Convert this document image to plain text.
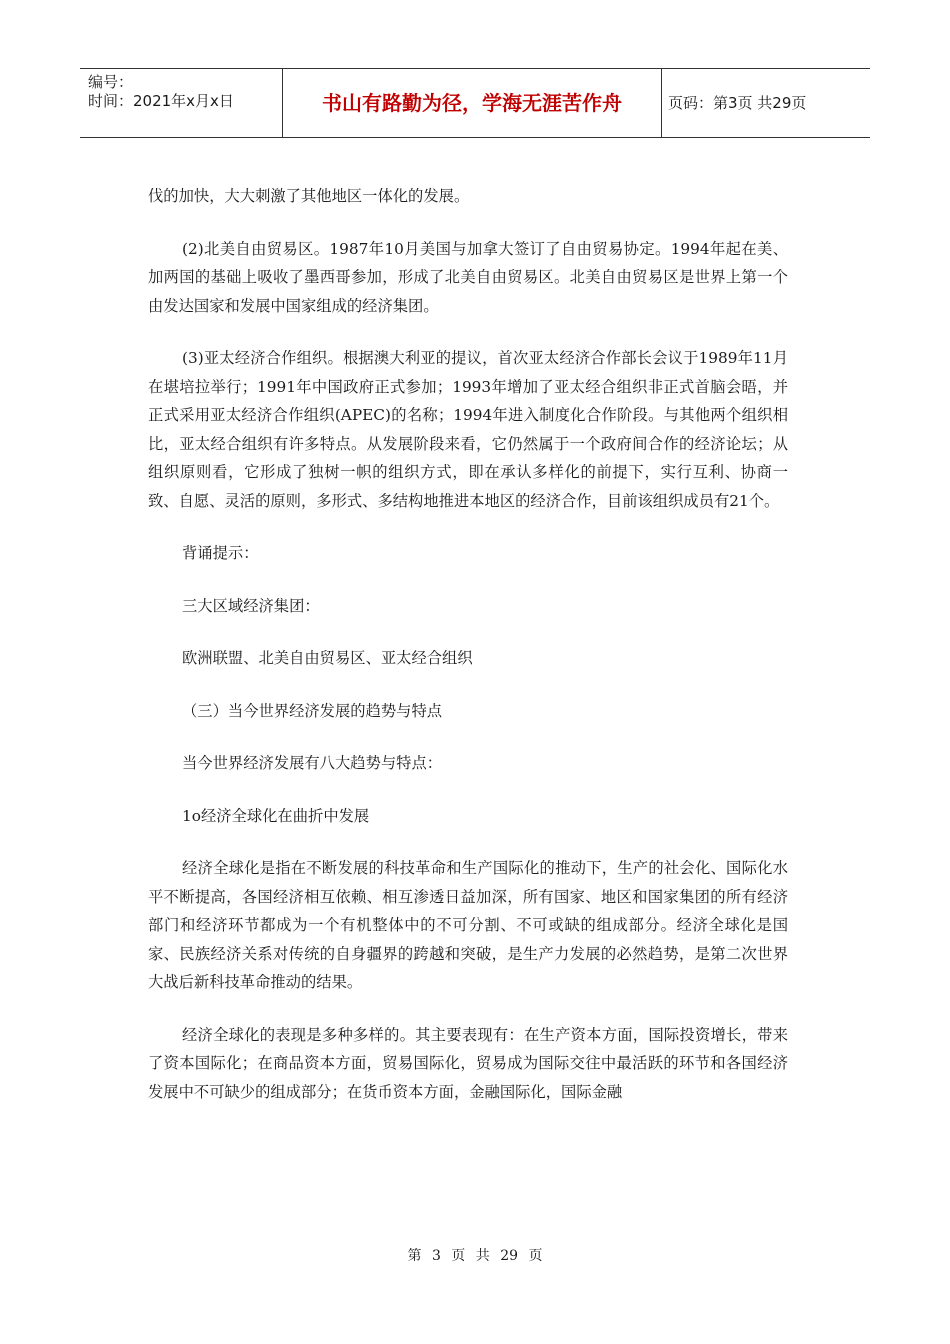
编号：
时间：2021年x月x日	书山有路勤为径，学海无涯苦作舟	页码：第3页 共29页

伐的加快，大大刺激了其他地区一体化的发展。

(2)北美自由贸易区。1987年10月美国与加拿大签订了自由贸易协定。1994年起在美、加两国的基础上吸收了墨西哥参加，形成了北美自由贸易区。北美自由贸易区是世界上第一个由发达国家和发展中国家组成的经济集团。

(3)亚太经济合作组织。根据澳大利亚的提议，首次亚太经济合作部长会议于1989年11月在堪培拉举行；1991年中国政府正式参加；1993年增加了亚太经合组织非正式首脑会晤，并正式采用亚太经济合作组织(APEC)的名称；1994年进入制度化合作阶段。与其他两个组织相比，亚太经合组织有许多特点。从发展阶段来看，它仍然属于一个政府间合作的经济论坛；从组织原则看，它形成了独树一帜的组织方式，即在承认多样化的前提下，实行互利、协商一致、自愿、灵活的原则，多形式、多结构地推进本地区的经济合作，目前该组织成员有21个。

背诵提示：

三大区域经济集团：

欧洲联盟、北美自由贸易区、亚太经合组织

（三）当今世界经济发展的趋势与特点

当今世界经济发展有八大趋势与特点：

1o经济全球化在曲折中发展

经济全球化是指在不断发展的科技革命和生产国际化的推动下，生产的社会化、国际化水平不断提高，各国经济相互依赖、相互渗透日益加深，所有国家、地区和国家集团的所有经济部门和经济环节都成为一个有机整体中的不可分割、不可或缺的组成部分。经济全球化是国家、民族经济关系对传统的自身疆界的跨越和突破，是生产力发展的必然趋势，是第二次世界大战后新科技革命推动的结果。

经济全球化的表现是多种多样的。其主要表现有：在生产资本方面，国际投资增长，带来了资本国际化；在商品资本方面，贸易国际化，贸易成为国际交往中最活跃的环节和各国经济发展中不可缺少的组成部分；在货币资本方面，金融国际化，国际金融

第 3 页 共 29 页
